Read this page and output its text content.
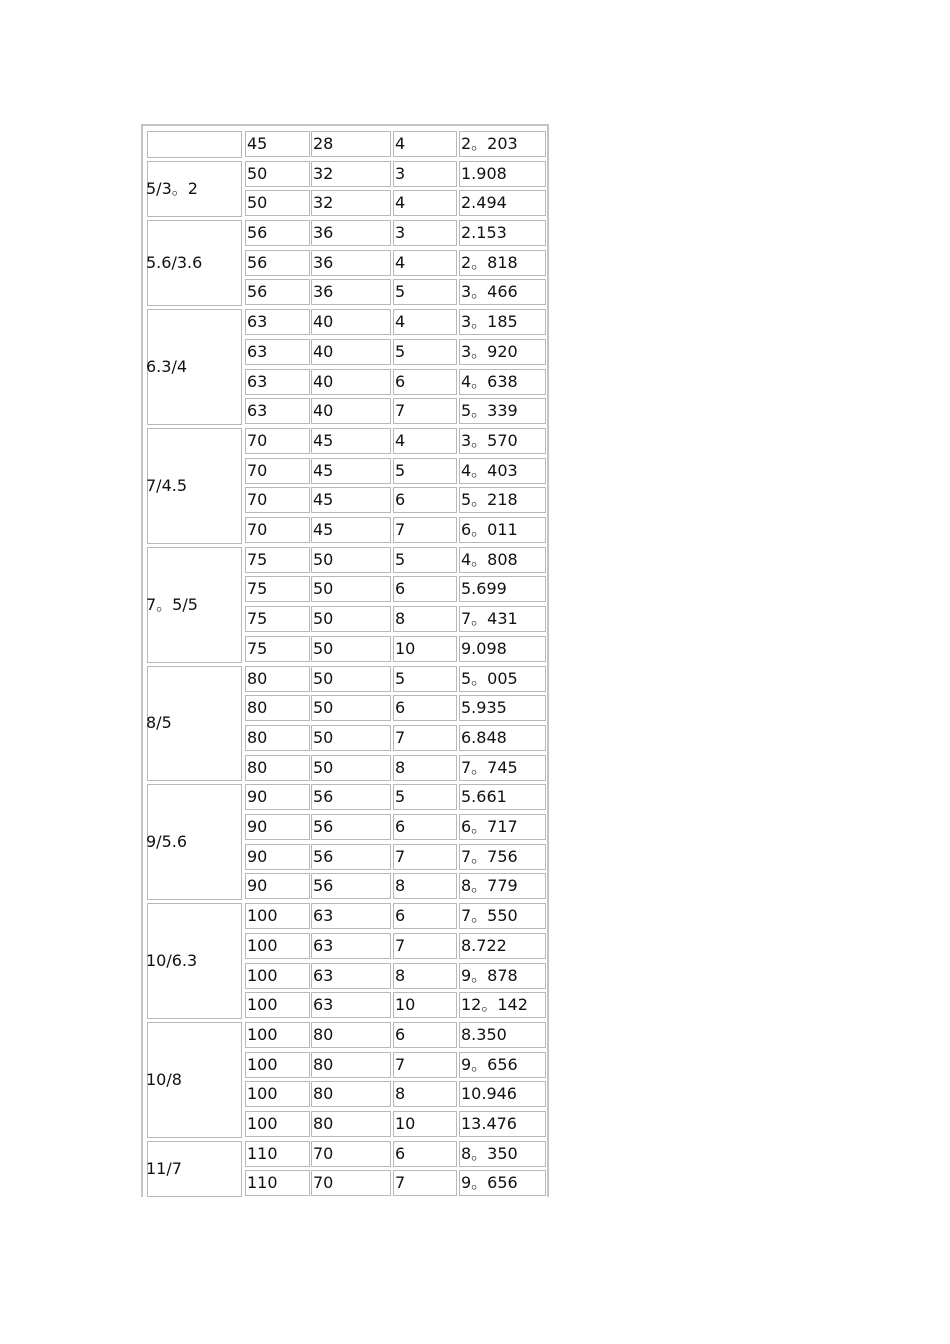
45	28	4	2。203
5/3。2
50	32	3	1.908
50	32	4	2.494
5.6/3.6
56	36	3	2.153
56	36	4	2。818
56	36	5	3。466
6.3/4
63	40	4	3。185
63	40	5	3。920
63	40	6	4。638
63	40	7	5。339
7/4.5
70	45	4	3。570
70	45	5	4。403
70	45	6	5。218
70	45	7	6。011
7。5/5
75	50	5	4。808
75	50	6	5.699
75	50	8	7。431
75	50	10	9.098
8/5
80	50	5	5。005
80	50	6	5.935
80	50	7	6.848
80	50	8	7。745
9/5.6
90	56	5	5.661
90	56	6	6。717
90	56	7	7。756
90	56	8	8。779
10/6.3
100	63	6	7。550
100	63	7	8.722
100	63	8	9。878
100	63	10	12。142
10/8
100	80	6	8.350
100	80	7	9。656
100	80	8	10.946
100	80	10	13.476
11/7
110	70	6	8。350
110	70	7	9。656
